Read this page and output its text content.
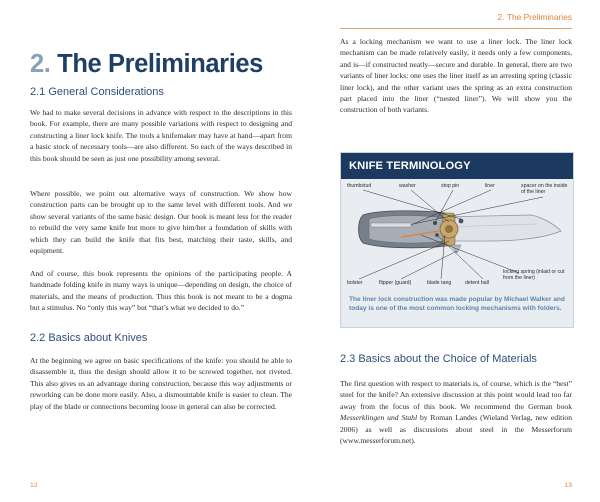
2. The Preliminaries
2. The Preliminaries
2.1 General Considerations

We had to make several decisions in advance with respect to the descriptions in this book. For example, there are many possible variations with respect to designing and constructing a liner lock knife. The tools a knifemaker may have at hand—apart from a basic stock of necessary tools—are also different. So each of the ways described in this book should be seen as just one possibility among several.

Where possible, we point out alternative ways of construction. We show how construction parts can be brought up to the same level with different tools. And we show several variants of the same basic design. Our book is meant less for the reader to rebuild the very same knife but more to give him/her a foundation of skills with which they can build the knife that fits best, matching their taste, skills, and equipment.

And of course, this book represents the opinions of the participating people. A handmade folding knife in many ways is unique—depending on design, the choice of materials, and the means of production. Thus this book is not meant to be a dogma but a stimulus. No “only this way” but “that’s what we decided to do.”

2.2 Basics about Knives

At the beginning we agree on basic specifications of the knife: you should be able to disassemble it, thus the design should allow it to be screwed together, not riveted. This also gives us an advantage during construction, because this way adjustments or reworking can be done more easily. Also, a dismountable knife is easier to clean. The play of the blade or connections becoming loose in general can also be corrected.

12

As a locking mechanism we want to use a liner lock. The liner lock mechanism can be made relatively easily, it needs only a few components, and is—if constructed neatly—secure and durable. In general, there are two variants of liner locks: one uses the liner itself as an arresting spring (classic liner lock), and the other variant uses the spring as an extra construction part placed into the liner (“nested liner”). We will show you the construction of both variants.

KNIFE TERMINOLOGY
thumbstud	washer	stop pin	liner	spacer on the inside of the liner
bolster	flipper (guard)	blade tang	detent ball
locking spring (inlaid or cut from the liner)
The liner lock construction was made popular by Michael Walker and today is one of the most common locking mechanisms with folders.
2.3 Basics about the Choice of Materials

The first question with respect to materials is, of course, which is the “best” steel for the knife? An extensive discussion at this point would lead too far away from the focus of this book. We recommend the German book Messerklingen und Stahl by Roman Landes (Wieland Verlag, new edition 2006) as well as discussions about steel in the Messerforum (www.messerforum.net).

13
